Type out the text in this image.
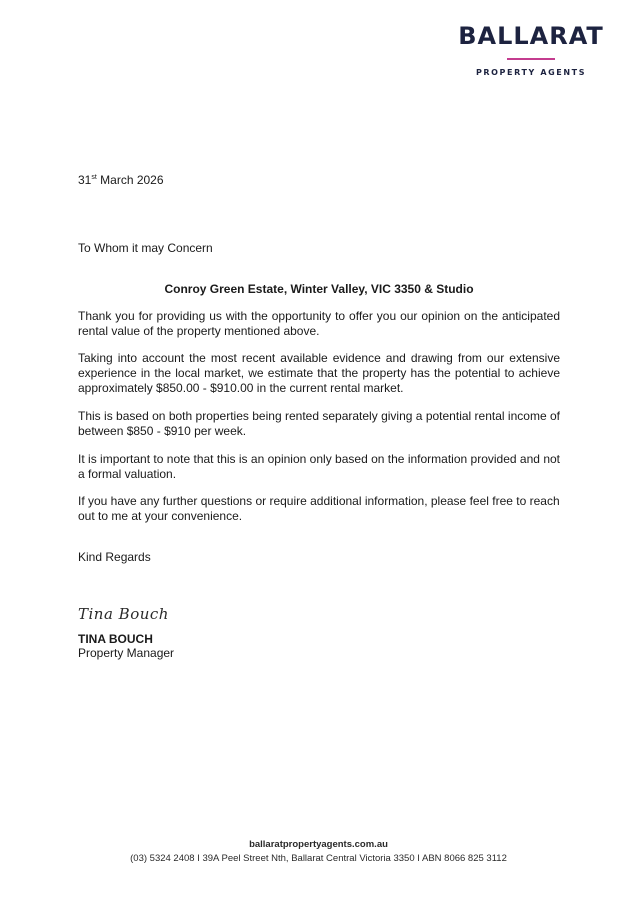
BALLARAT
PROPERTY AGENTS

31st March 2026

To Whom it may Concern

Conroy Green Estate, Winter Valley, VIC 3350 & Studio

Thank you for providing us with the opportunity to offer you our opinion on the anticipated rental value of the property mentioned above.

Taking into account the most recent available evidence and drawing from our extensive experience in the local market, we estimate that the property has the potential to achieve approximately $850.00 - $910.00 in the current rental market.

This is based on both properties being rented separately giving a potential rental income of between $850 - $910 per week.

It is important to note that this is an opinion only based on the information provided and not a formal valuation.

If you have any further questions or require additional information, please feel free to reach out to me at your convenience.

Kind Regards

Tina Bouch
TINA BOUCH
Property Manager
ballaratpropertyagents.com.au
(03) 5324 2408 I 39A Peel Street Nth, Ballarat Central Victoria 3350 I ABN 8066 825 3112
